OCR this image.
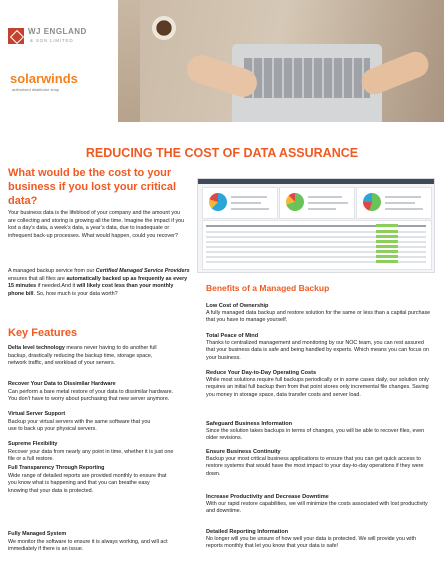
WJ ENGLAND
& SON LIMITED
solarwinds
authorised distributor shop
REDUCING THE COST OF DATA ASSURANCE
What would be the cost to your business if you lost your critical data?
Your business data is the lifeblood of your company and the amount you are collecting and storing is growing all the time. Imagine the impact if you lost a day’s data, a week’s data, a year’s data, due to inadequate or infrequent back-up processes. What would happen, could you recover?
A managed backup service from our Certified Managed Service Providers ensures that all files are automatically backed up as frequently as every 15 minutes if needed.And it will likely cost less than your monthly phone bill. So, how much is your data worth?
Key Features
Delta level technology means never having to do another full backup, drastically reducing the backup time, storage space, network traffic, and workload of your servers.
Recover Your Data to Dissimilar Hardware
Can perform a bare metal restore of your data to dissimilar hardware. You don’t have to worry about purchasing that new server anymore.
Virtual Server Support
Backup your virtual servers with the same software that you use to back up your physical servers.
Supreme Flexibility
Recover your data from nearly any point in time, whether it is just one file or a full restore.
Full Transparency Through Reporting
Wide range of detailed reports are provided monthly to ensure that you know what is happening and that you can breathe easy knowing that your data is protected.
Fully Managed System
We monitor the software to ensure it is always working, and will act immediately if there is an issue.
Benefits of a Managed Backup
Low Cost of Ownership
A fully managed data backup and restore solution for the same or less than a capital purchase that you have to manage yourself.
Total Peace of Mind
Thanks to centralized management and monitoring by our NOC team, you can rest assured that your business data is safe and being handled by experts. Which means you can focus on your business.
Reduce Your Day-to-Day Operating Costs
While most solutions require full backups periodically or in some cases daily, our solution only requires an initial full backup then from that point stores only incremental file changes. Saving you money in storage space, data transfer costs and server load.
Safeguard Business Information
Since the solution takes backups in terms of changes, you will be able to recover files, even older revisions.
Ensure Business Continuity
Backup your most critical business applications to ensure that you can get quick access to restore systems that would have the most impact to your day-to-day operations if they were down.
Increase Productivity and Decrease Downtime
With our rapid restore capabilities, we will minimize the costs associated with lost productivity and downtime.
Detailed Reporting Information
No longer will you be unsure of how well your data is protected. We will provide you with reports monthly that let you know that your data is safe!
